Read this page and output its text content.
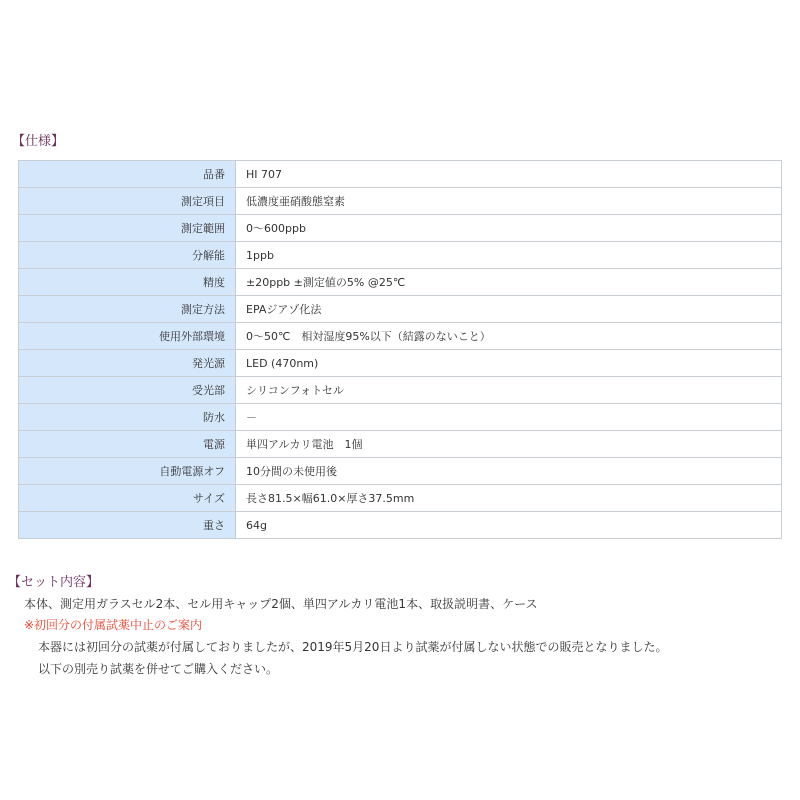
【仕様】
品番	HI 707
測定項目	低濃度亜硝酸態窒素
測定範囲	0～600ppb
分解能	1ppb
精度	±20ppb ±測定値の5% @25℃
測定方法	EPAジアゾ化法
使用外部環境	0～50℃　相対湿度95%以下（結露のないこと）
発光源	LED (470nm)
受光部	シリコンフォトセル
防水	－
電源	単四アルカリ電池　1個
自動電源オフ	10分間の未使用後
サイズ	長さ81.5×幅61.0×厚さ37.5mm
重さ	64g
【セット内容】
本体、測定用ガラスセル2本、セル用キャップ2個、単四アルカリ電池1本、取扱説明書、ケース
※初回分の付属試薬中止のご案内
本器には初回分の試薬が付属しておりましたが、2019年5月20日より試薬が付属しない状態での販売となりました。
以下の別売り試薬を併せてご購入ください。
